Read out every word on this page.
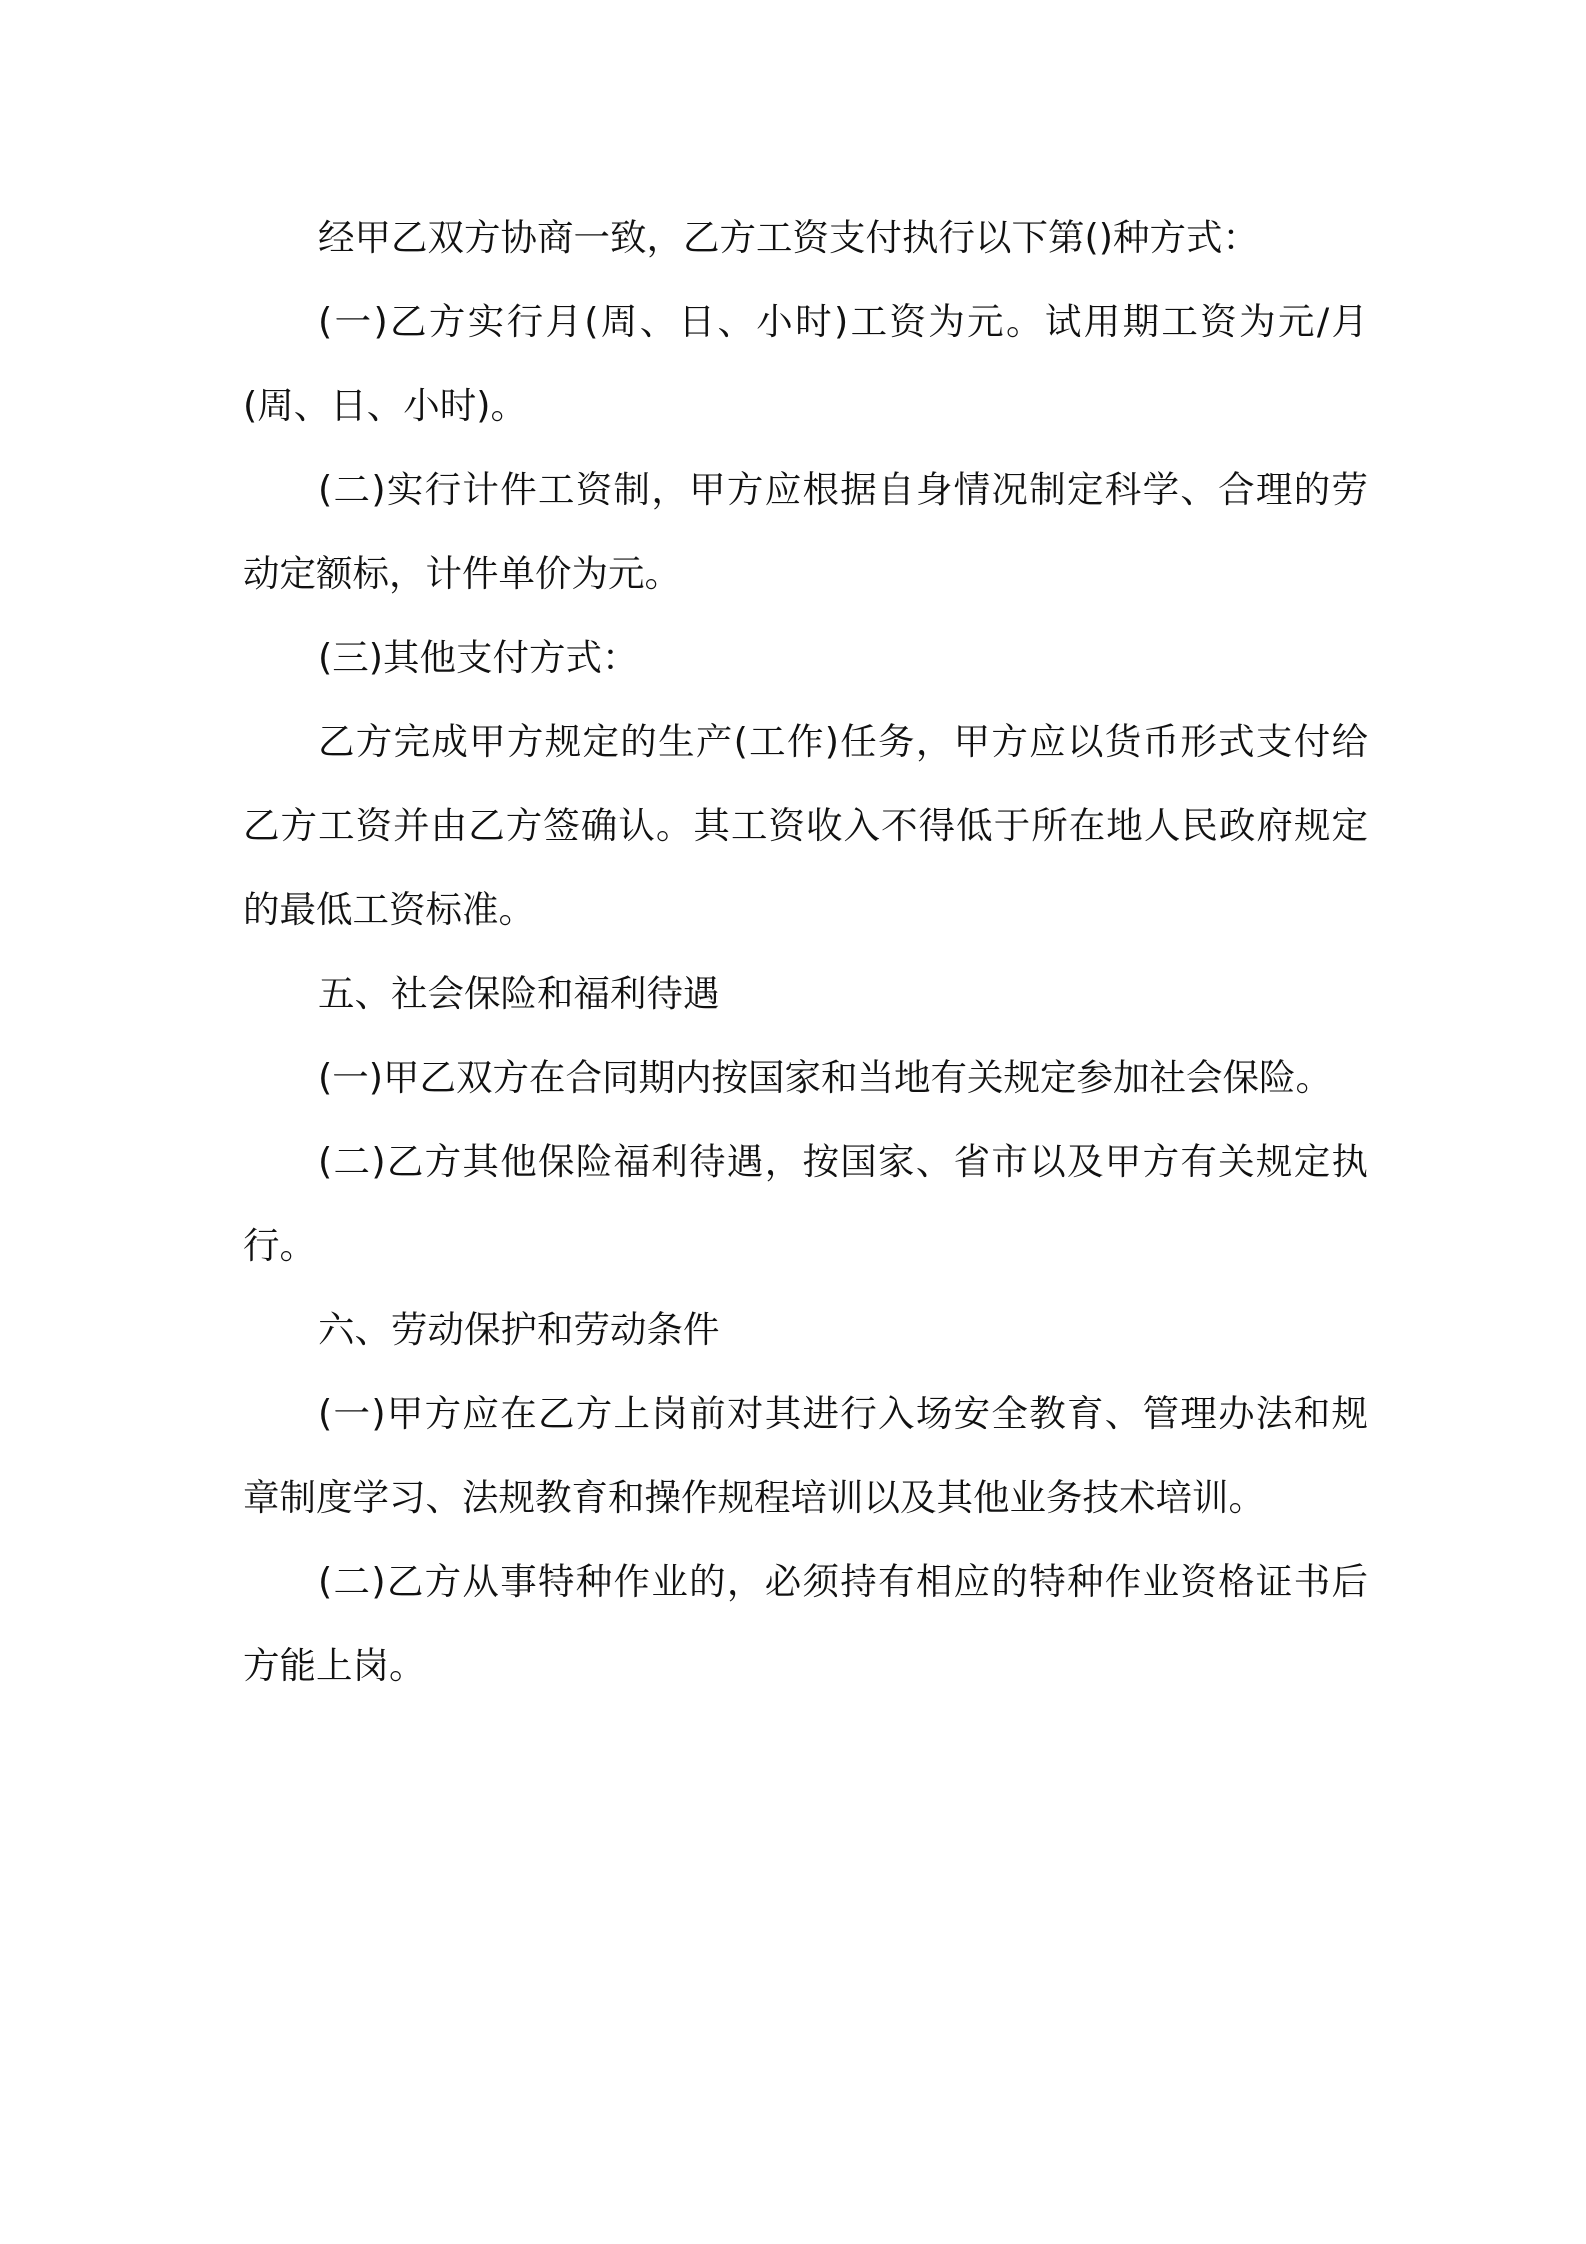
经甲乙双方协商一致，乙方工资支付执行以下第()种方式：

(一)乙方实行月(周、日、小时)工资为元。试用期工资为元/月(周、日、小时)。

(二)实行计件工资制，甲方应根据自身情况制定科学、合理的劳动定额标，计件单价为元。

(三)其他支付方式：

乙方完成甲方规定的生产(工作)任务，甲方应以货币形式支付给乙方工资并由乙方签确认。其工资收入不得低于所在地人民政府规定的最低工资标准。

五、社会保险和福利待遇

(一)甲乙双方在合同期内按国家和当地有关规定参加社会保险。

(二)乙方其他保险福利待遇，按国家、省市以及甲方有关规定执行。

六、劳动保护和劳动条件

(一)甲方应在乙方上岗前对其进行入场安全教育、管理办法和规章制度学习、法规教育和操作规程培训以及其他业务技术培训。

(二)乙方从事特种作业的，必须持有相应的特种作业资格证书后方能上岗。
